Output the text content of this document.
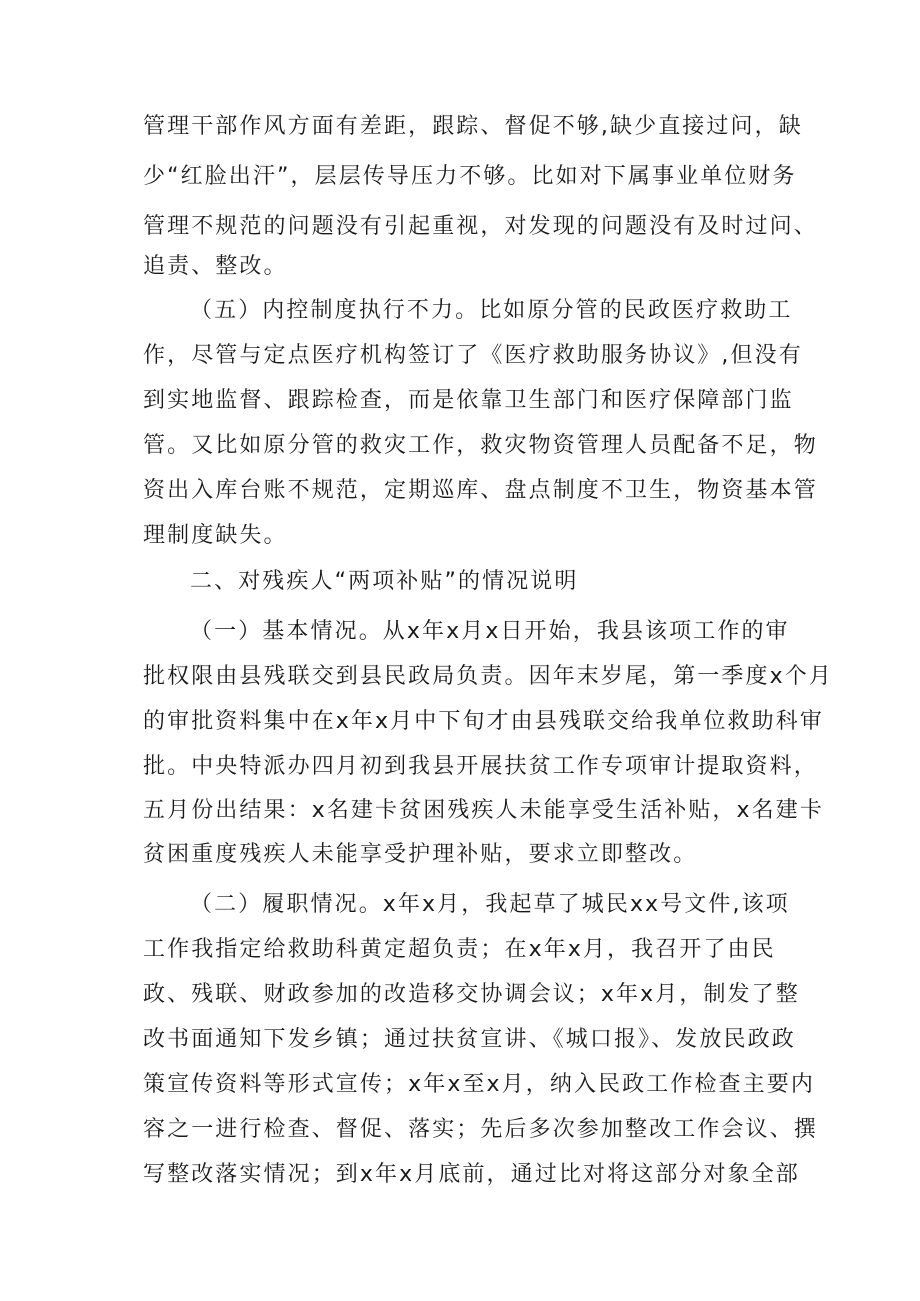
管理干部作风方面有差距，跟踪、督促不够,缺少直接过问，缺
少“红脸出汗”，层层传导压力不够。比如对下属事业单位财务
管理不规范的问题没有引起重视，对发现的问题没有及时过问、
追责、整改。
（五）内控制度执行不力。比如原分管的民政医疗救助工
作，尽管与定点医疗机构签订了《医疗救助服务协议》,但没有
到实地监督、跟踪检查，而是依靠卫生部门和医疗保障部门监
管。又比如原分管的救灾工作，救灾物资管理人员配备不足，物
资出入库台账不规范，定期巡库、盘点制度不卫生，物资基本管
理制度缺失。
二、对残疾人“两项补贴”的情况说明
（一）基本情况。从x年x月x日开始，我县该项工作的审
批权限由县残联交到县民政局负责。因年末岁尾，第一季度x个月
的审批资料集中在x年x月中下旬才由县残联交给我单位救助科审
批。中央特派办四月初到我县开展扶贫工作专项审计提取资料，
五月份出结果：x名建卡贫困残疾人未能享受生活补贴，x名建卡
贫困重度残疾人未能享受护理补贴，要求立即整改。
（二）履职情况。x年x月，我起草了城民xx号文件,该项
工作我指定给救助科黄定超负责；在x年x月，我召开了由民
政、残联、财政参加的改造移交协调会议；x年x月，制发了整
改书面通知下发乡镇；通过扶贫宣讲、《城口报》、发放民政政
策宣传资料等形式宣传；x年x至x月，纳入民政工作检查主要内
容之一进行检查、督促、落实；先后多次参加整改工作会议、撰
写整改落实情况；到x年x月底前，通过比对将这部分对象全部
